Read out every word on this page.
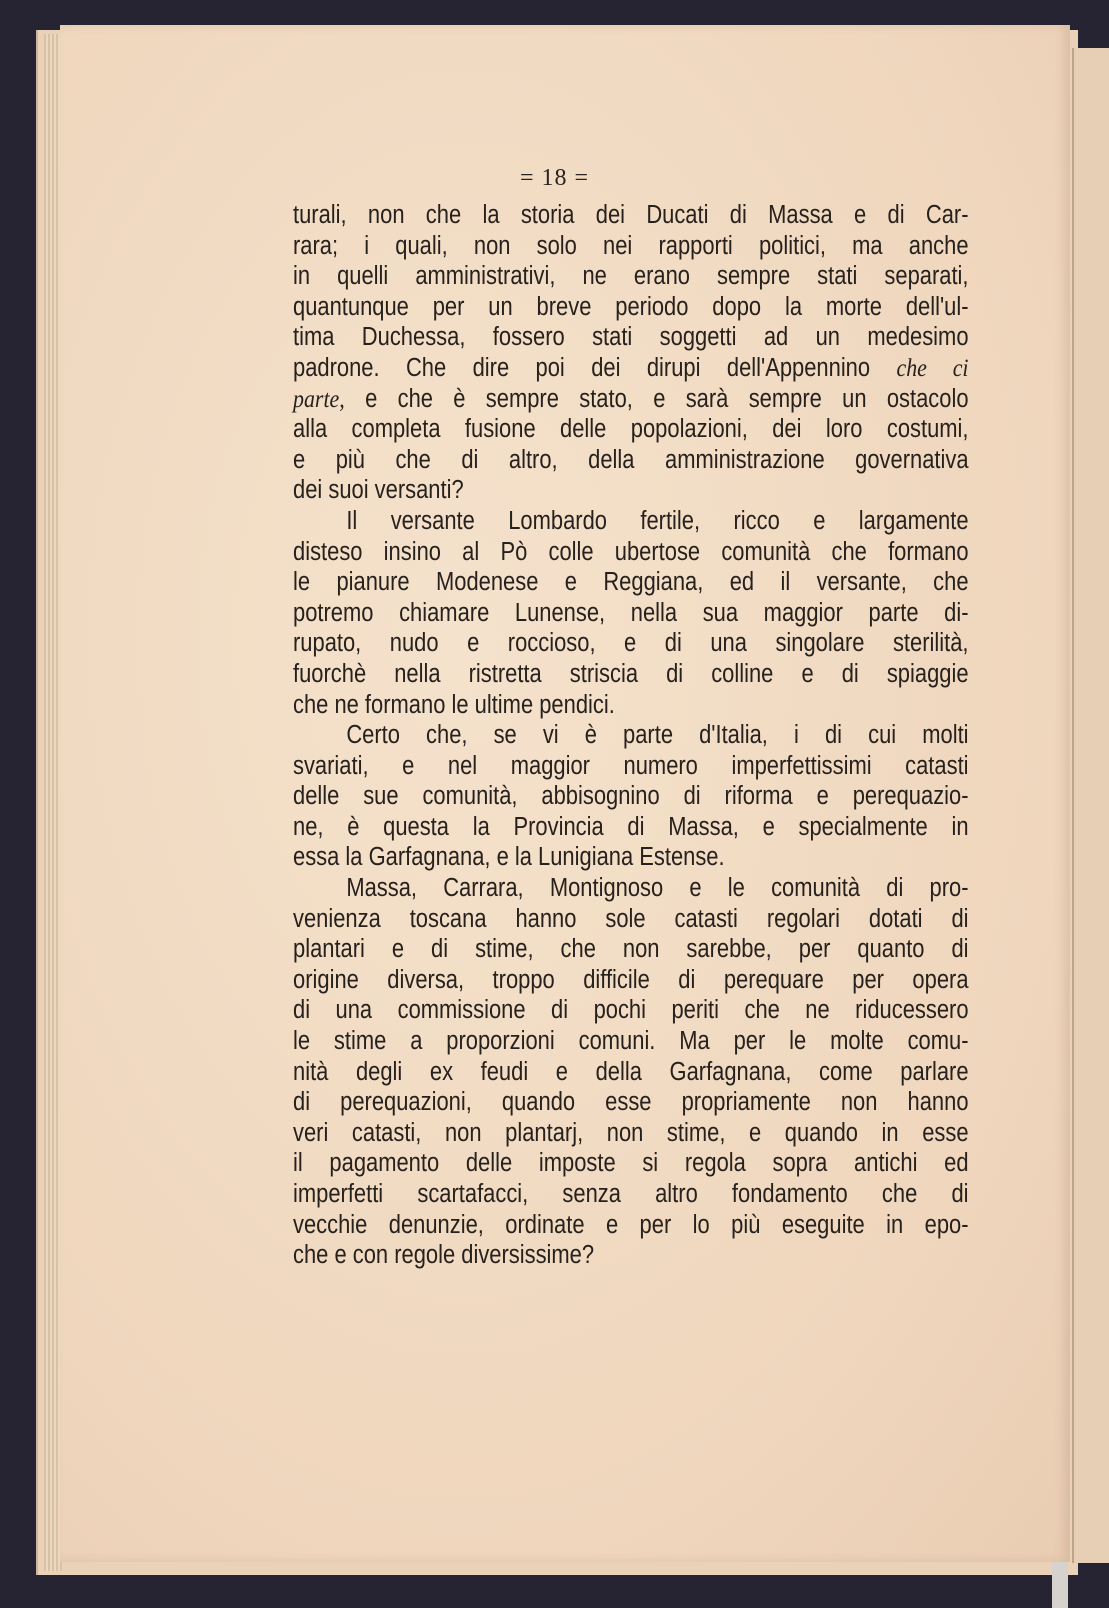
= 18 =
turali, non che la storia dei Ducati di Massa e di Car-
rara; i quali, non solo nei rapporti politici, ma anche
in quelli amministrativi, ne erano sempre stati separati,
quantunque per un breve periodo dopo la morte dell'ul-
tima Duchessa, fossero stati soggetti ad un medesimo
padrone. Che dire poi dei dirupi dell'Appennino che ci
parte, e che è sempre stato, e sarà sempre un ostacolo
alla completa fusione delle popolazioni, dei loro costumi,
e più che di altro, della amministrazione governativa
dei suoi versanti?
Il versante Lombardo fertile, ricco e largamente
disteso insino al Pò colle ubertose comunità che formano
le pianure Modenese e Reggiana, ed il versante, che
potremo chiamare Lunense, nella sua maggior parte di-
rupato, nudo e roccioso, e di una singolare sterilità,
fuorchè nella ristretta striscia di colline e di spiaggie
che ne formano le ultime pendici.
Certo che, se vi è parte d'Italia, i di cui molti
svariati, e nel maggior numero imperfettissimi catasti
delle sue comunità, abbisognino di riforma e perequazio-
ne, è questa la Provincia di Massa, e specialmente in
essa la Garfagnana, e la Lunigiana Estense.
Massa, Carrara, Montignoso e le comunità di pro-
venienza toscana hanno sole catasti regolari dotati di
plantari e di stime, che non sarebbe, per quanto di
origine diversa, troppo difficile di perequare per opera
di una commissione di pochi periti che ne riducessero
le stime a proporzioni comuni. Ma per le molte comu-
nità degli ex feudi e della Garfagnana, come parlare
di perequazioni, quando esse propriamente non hanno
veri catasti, non plantarj, non stime, e quando in esse
il pagamento delle imposte si regola sopra antichi ed
imperfetti scartafacci, senza altro fondamento che di
vecchie denunzie, ordinate e per lo più eseguite in epo-
che e con regole diversissime?
